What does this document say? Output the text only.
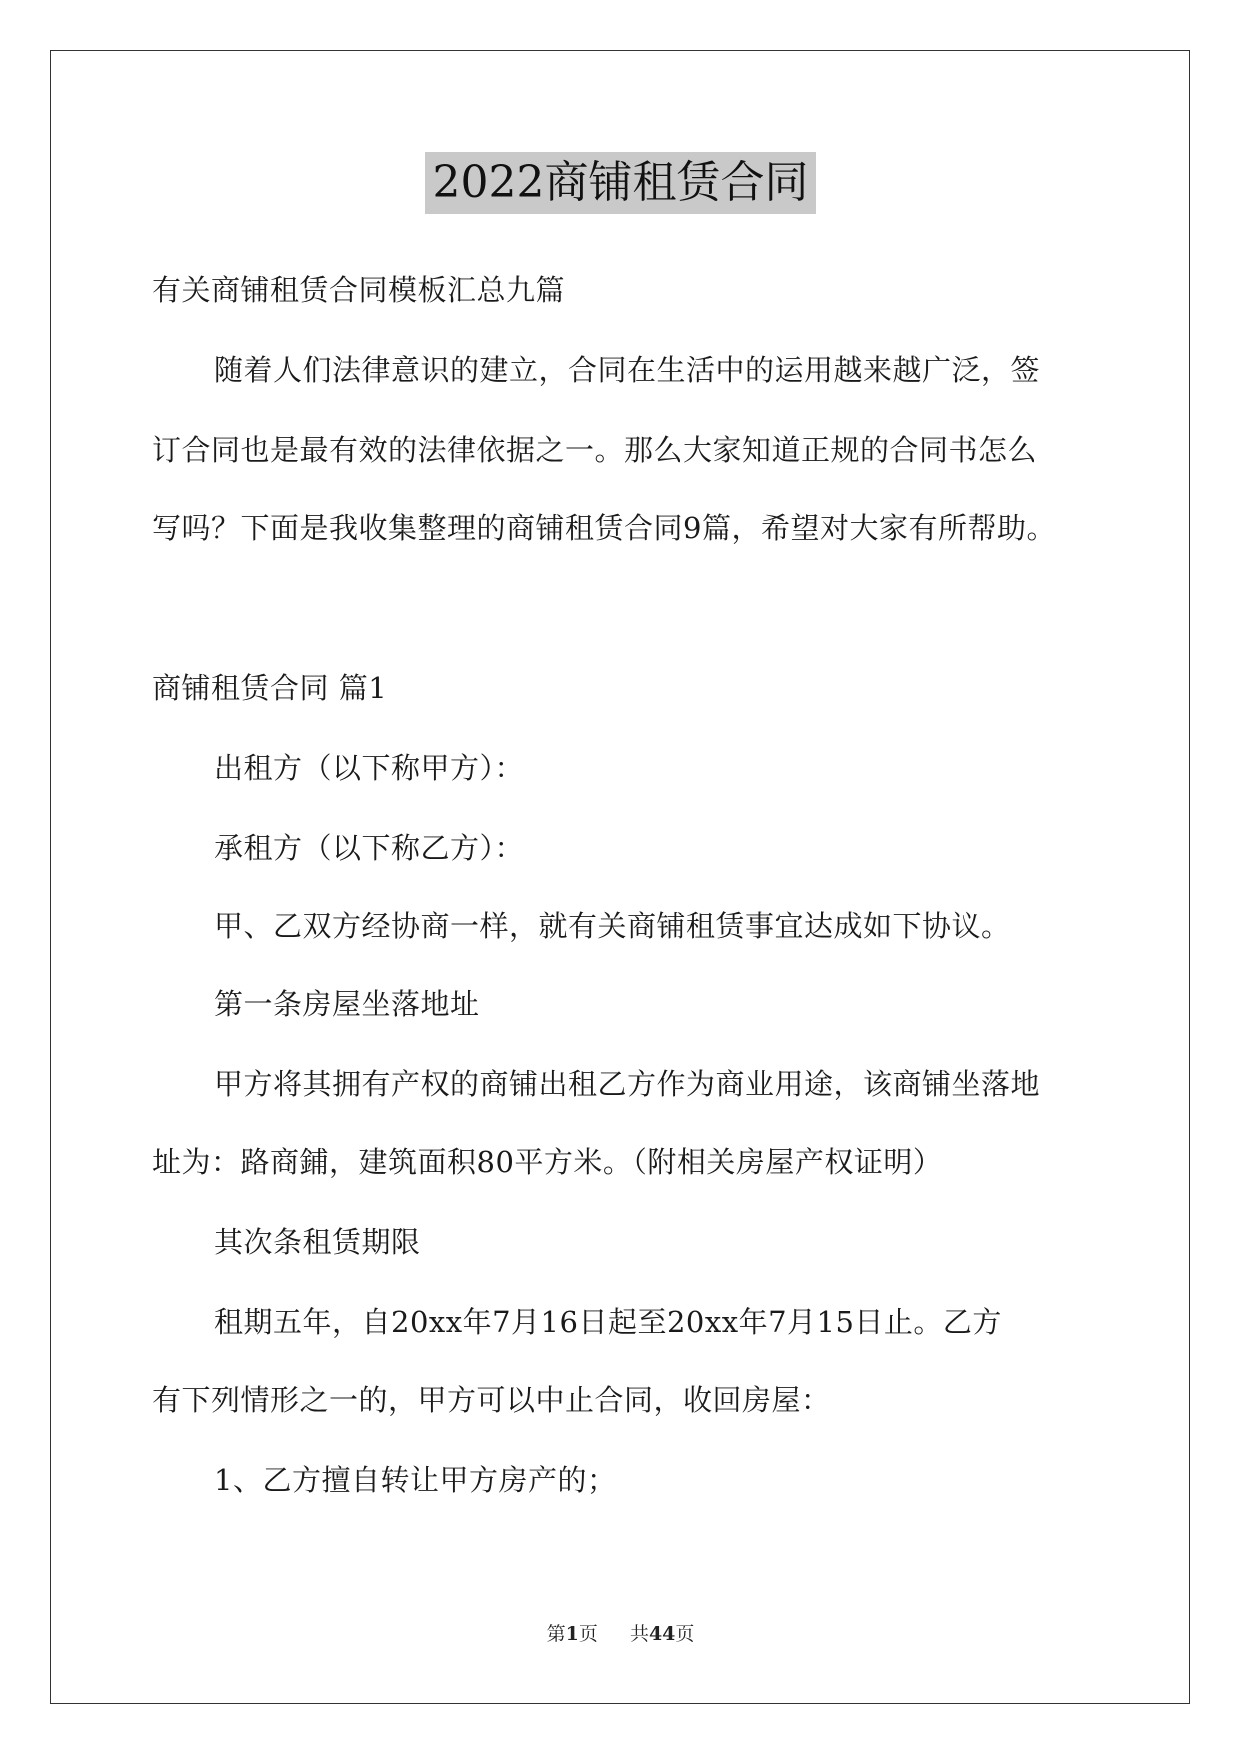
2022商铺租赁合同
有关商铺租赁合同模板汇总九篇
随着人们法律意识的建立，合同在生活中的运用越来越广泛，签
订合同也是最有效的法律依据之一。那么大家知道正规的合同书怎么
写吗？下面是我收集整理的商铺租赁合同9篇，希望对大家有所帮助。
商铺租赁合同 篇1
出租方（以下称甲方）：
承租方（以下称乙方）：
甲、乙双方经协商一样，就有关商铺租赁事宜达成如下协议。
第一条房屋坐落地址
甲方将其拥有产权的商铺出租乙方作为商业用途，该商铺坐落地
址为：路商鋪，建筑面积80平方米。（附相关房屋产权证明）
其次条租赁期限
租期五年，自20xx年7月16日起至20xx年7月15日止。乙方
有下列情形之一的，甲方可以中止合同，收回房屋：
1、乙方擅自转让甲方房产的；
第1页 共44页
